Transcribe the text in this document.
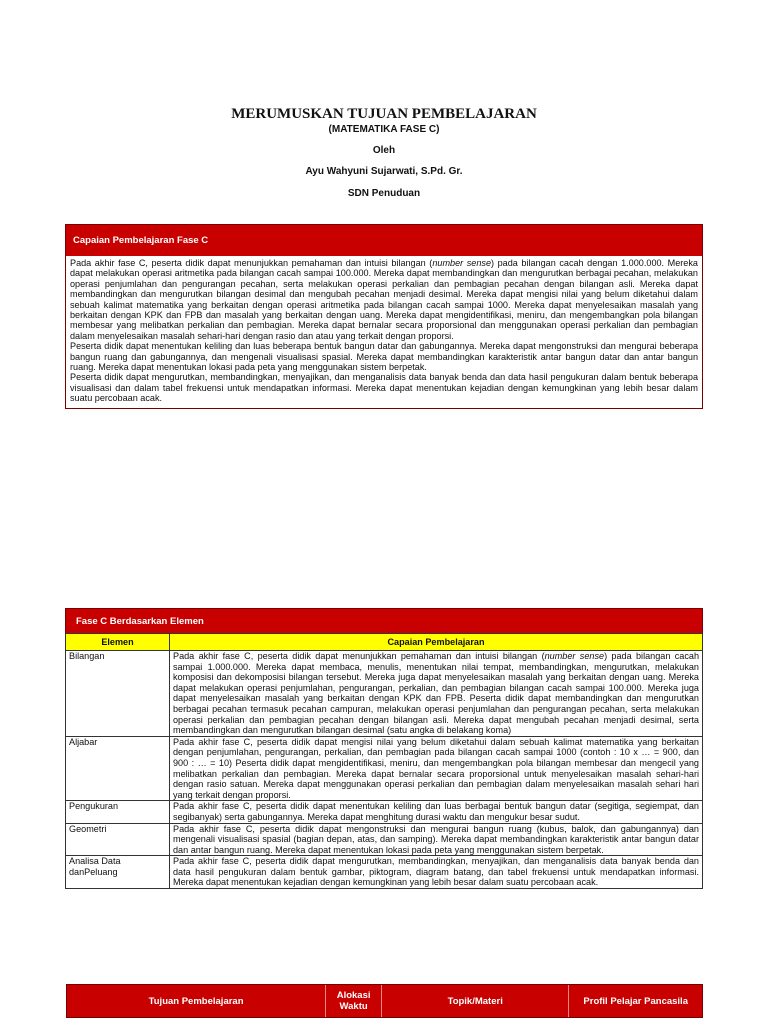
MERUMUSKAN TUJUAN PEMBELAJARAN
(MATEMATIKA FASE C)
Oleh
Ayu Wahyuni Sujarwati, S.Pd. Gr.
SDN Penuduan
Capaian Pembelajaran Fase C

Pada akhir fase C, peserta didik dapat menunjukkan pemahaman dan intuisi bilangan (number sense) pada bilangan cacah dengan 1.000.000. Mereka dapat melakukan operasi aritmetika pada bilangan cacah sampai 100.000. Mereka dapat membandingkan dan mengurutkan berbagai pecahan, melakukan operasi penjumlahan dan pengurangan pecahan, serta melakukan operasi perkalian dan pembagian pecahan dengan bilangan asli. Mereka dapat membandingkan dan mengurutkan bilangan desimal dan mengubah pecahan menjadi desimal. Mereka dapat mengisi nilai yang belum diketahui dalam sebuah kalimat matematika yang berkaitan dengan operasi aritmetika pada bilangan cacah sampai 1000. Mereka dapat menyelesaikan masalah yang berkaitan dengan KPK dan FPB dan masalah yang berkaitan dengan uang. Mereka dapat mengidentifikasi, meniru, dan mengembangkan pola bilangan membesar yang melibatkan perkalian dan pembagian. Mereka dapat bernalar secara proporsional dan menggunakan operasi perkalian dan pembagian dalam menyelesaikan masalah sehari-hari dengan rasio dan atau yang terkait dengan proporsi.

Peserta didik dapat menentukan keliling dan luas beberapa bentuk bangun datar dan gabungannya. Mereka dapat mengonstruksi dan mengurai beberapa bangun ruang dan gabungannya, dan mengenali visualisasi spasial. Mereka dapat membandingkan karakteristik antar bangun datar dan antar bangun ruang. Mereka dapat menentukan lokasi pada peta yang menggunakan sistem berpetak.

Peserta didik dapat mengurutkan, membandingkan, menyajikan, dan menganalisis data banyak benda dan data hasil pengukuran dalam bentuk beberapa visualisasi dan dalam tabel frekuensi untuk mendapatkan informasi. Mereka dapat menentukan kejadian dengan kemungkinan yang lebih besar dalam suatu percobaan acak.

Fase C Berdasarkan Elemen
Elemen	Capaian Pembelajaran
Bilangan	Pada akhir fase C, peserta didik dapat menunjukkan pemahaman dan intuisi bilangan (number sense) pada bilangan cacah sampai 1.000.000. Mereka dapat membaca, menulis, menentukan nilai tempat, membandingkan, mengurutkan, melakukan komposisi dan dekomposisi bilangan tersebut. Mereka juga dapat menyelesaikan masalah yang berkaitan dengan uang. Mereka dapat melakukan operasi penjumlahan, pengurangan, perkalian, dan pembagian bilangan cacah sampai 100.000. Mereka juga dapat menyelesaikan masalah yang berkaitan dengan KPK dan FPB. Peserta didik dapat membandingkan dan mengurutkan berbagai pecahan termasuk pecahan campuran, melakukan operasi penjumlahan dan pengurangan pecahan, serta melakukan operasi perkalian dan pembagian pecahan dengan bilangan asli. Mereka dapat mengubah pecahan menjadi desimal, serta membandingkan dan mengurutkan bilangan desimal (satu angka di belakang koma)
Aljabar	Pada akhir fase C, peserta didik dapat mengisi nilai yang belum diketahui dalam sebuah kalimat matematika yang berkaitan dengan penjumlahan, pengurangan, perkalian, dan pembagian pada bilangan cacah sampai 1000 (contoh : 10 x … = 900, dan 900 : … = 10) Peserta didik dapat mengidentifikasi, meniru, dan mengembangkan pola bilangan membesar dan mengecil yang melibatkan perkalian dan pembagian. Mereka dapat bernalar secara proporsional untuk menyelesaikan masalah sehari-hari dengan rasio satuan. Mereka dapat menggunakan operasi perkalian dan pembagian dalam menyelesaikan masalah sehari hari yang terkait dengan proporsi.
Pengukuran	Pada akhir fase C, peserta didik dapat menentukan keliling dan luas berbagai bentuk bangun datar (segitiga, segiempat, dan segibanyak) serta gabungannya. Mereka dapat menghitung durasi waktu dan mengukur besar sudut.
Geometri	Pada akhir fase C, peserta didik dapat mengonstruksi dan mengurai bangun ruang (kubus, balok, dan gabungannya) dan mengenali visualisasi spasial (bagian depan, atas, dan samping). Mereka dapat membandingkan karakteristik antar bangun datar dan antar bangun ruang. Mereka dapat menentukan lokasi pada peta yang menggunakan sistem berpetak.
Analisa Data danPeluang	Pada akhir fase C, peserta didik dapat mengurutkan, membandingkan, menyajikan, dan menganalisis data banyak benda dan data hasil pengukuran dalam bentuk gambar, piktogram, diagram batang, dan tabel frekuensi untuk mendapatkan informasi. Mereka dapat menentukan kejadian dengan kemungkinan yang lebih besar dalam suatu percobaan acak.
Tujuan Pembelajaran	Alokasi Waktu	Topik/Materi	Profil Pelajar Pancasila
